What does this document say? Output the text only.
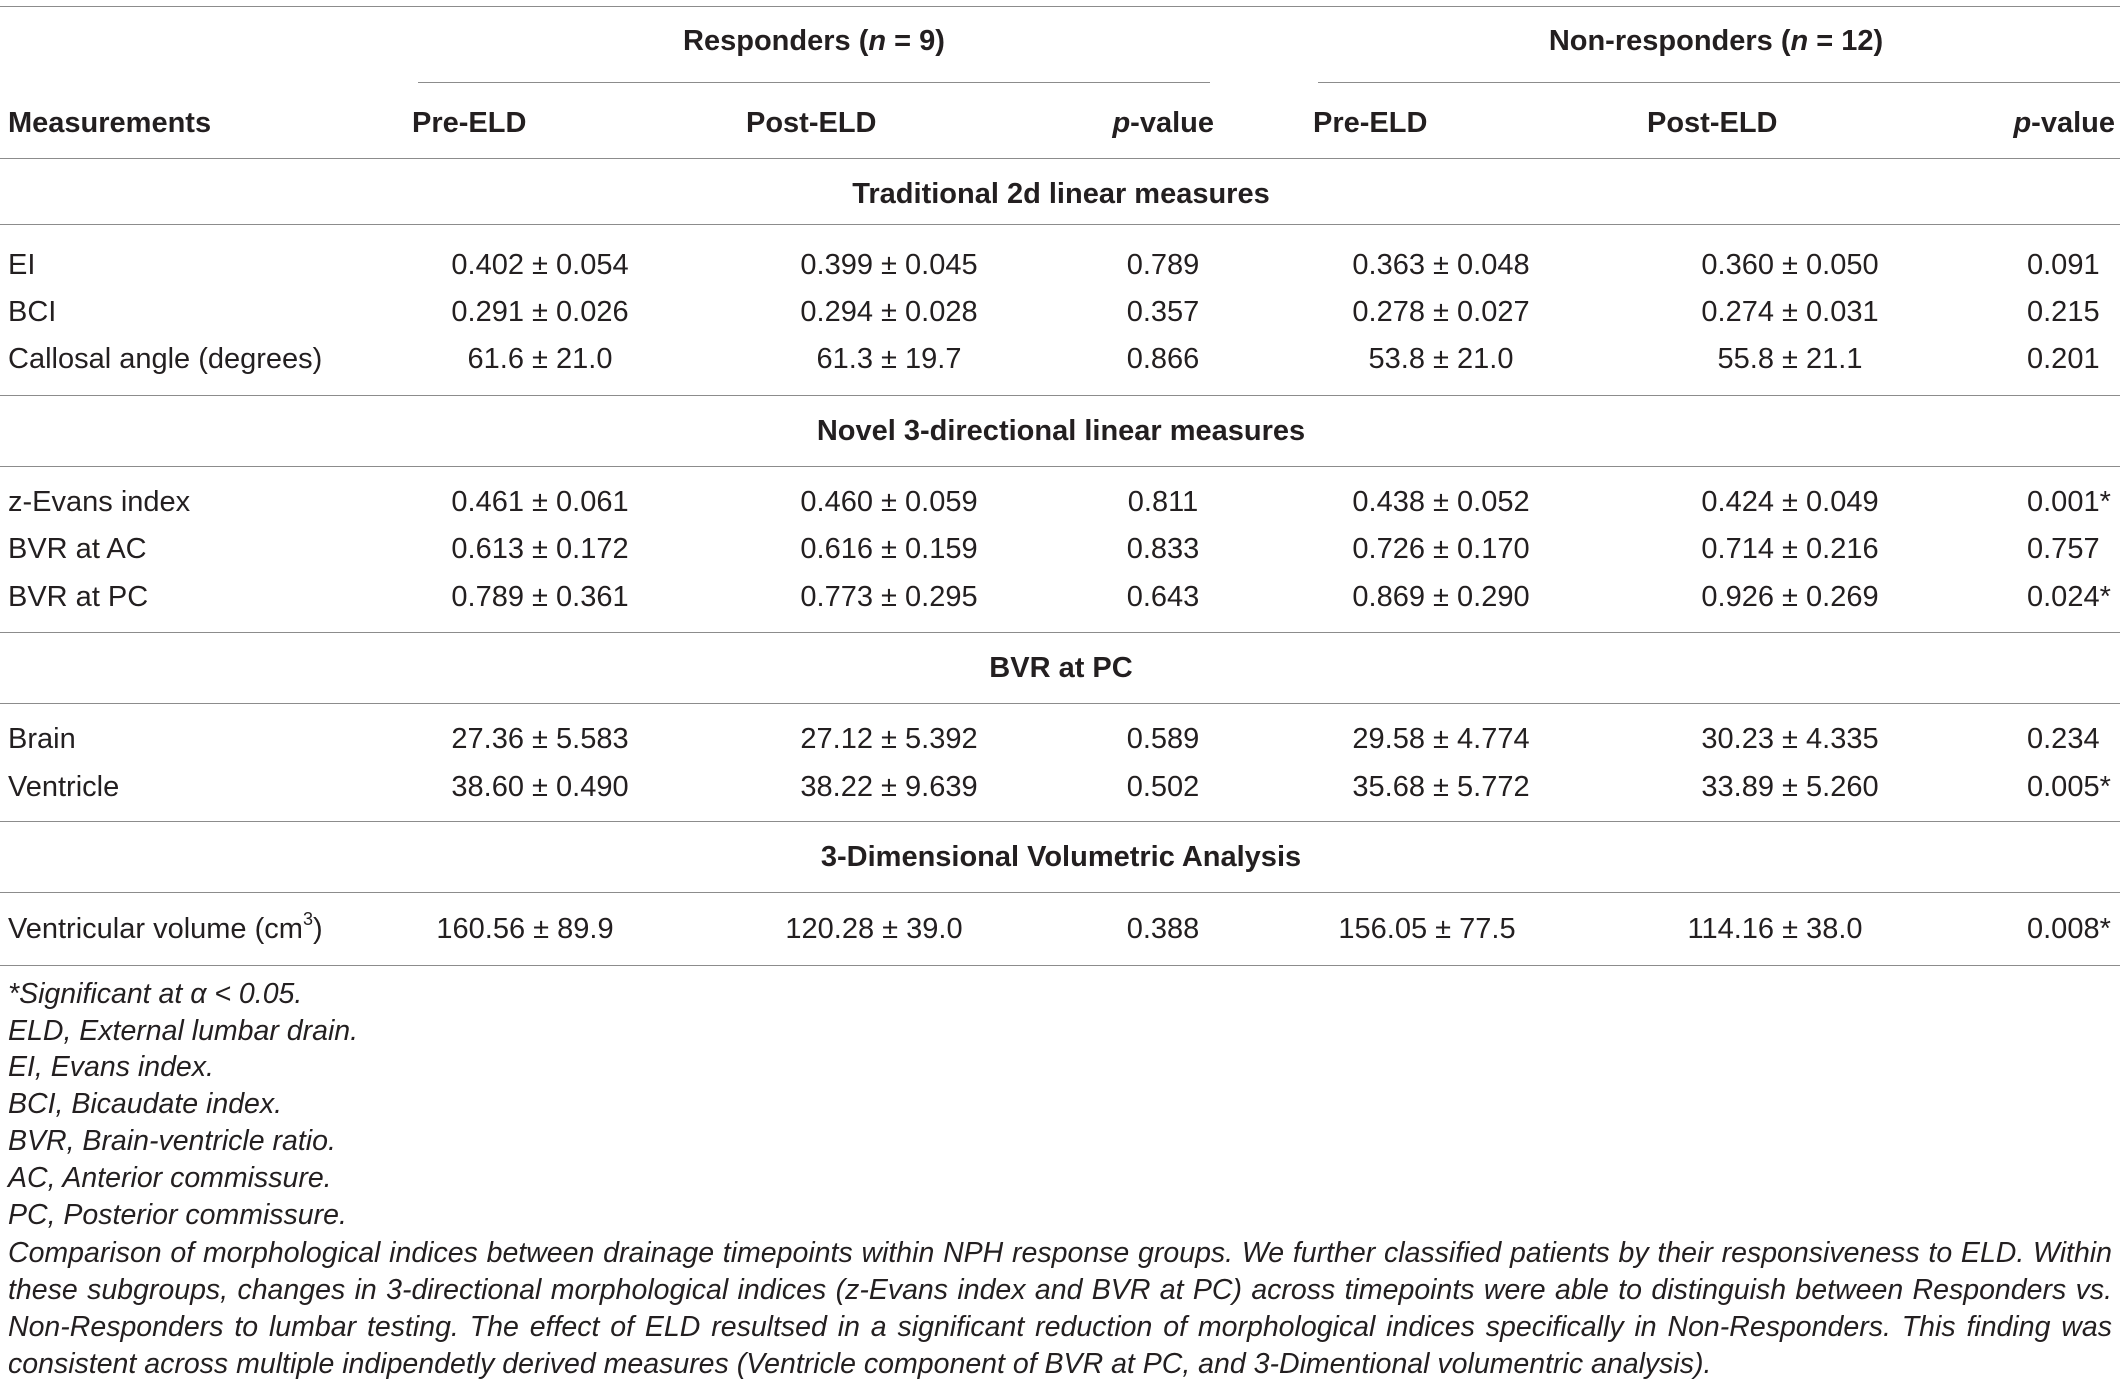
Responders (n = 9)	Non-responders (n = 12)
Measurements	Pre-ELD	Post-ELD	p-value	Pre-ELD	Post-ELD	p-value
Traditional 2d linear measures
EI	0.402 ± 0.054	0.399 ± 0.045	0.789	0.363 ± 0.048	0.360 ± 0.050	0.091
BCI	0.291 ± 0.026	0.294 ± 0.028	0.357	0.278 ± 0.027	0.274 ± 0.031	0.215
Callosal angle (degrees)	61.6 ± 21.0	61.3 ± 19.7	0.866	53.8 ± 21.0	55.8 ± 21.1	0.201
Novel 3-directional linear measures
z-Evans index	0.461 ± 0.061	0.460 ± 0.059	0.811	0.438 ± 0.052	0.424 ± 0.049	0.001*
BVR at AC	0.613 ± 0.172	0.616 ± 0.159	0.833	0.726 ± 0.170	0.714 ± 0.216	0.757
BVR at PC	0.789 ± 0.361	0.773 ± 0.295	0.643	0.869 ± 0.290	0.926 ± 0.269	0.024*
BVR at PC
Brain	27.36 ± 5.583	27.12 ± 5.392	0.589	29.58 ± 4.774	30.23 ± 4.335	0.234
Ventricle	38.60 ± 0.490	38.22 ± 9.639	0.502	35.68 ± 5.772	33.89 ± 5.260	0.005*
3-Dimensional Volumetric Analysis
Ventricular volume $(cm^3)$	160.56 ± 89.9	120.28 ± 39.0	0.388	156.05 ± 77.5	114.16 ± 38.0	0.008*
*Significant at α < 0.05.
ELD, External lumbar drain.
EI, Evans index.
BCI, Bicaudate index.
BVR, Brain-ventricle ratio.
AC, Anterior commissure.
PC, Posterior commissure.
Comparison of morphological indices between drainage timepoints within NPH response groups. We further classified patients by their responsiveness to ELD. Within these subgroups, changes in 3-directional morphological indices (z-Evans index and BVR at PC) across timepoints were able to distinguish between Responders vs. Non-Responders to lumbar testing. The effect of ELD resultsed in a significant reduction of morphological indices specifically in Non-Responders. This finding was consistent across multiple indipendetly derived measures (Ventricle component of BVR at PC, and 3-Dimentional volumentric analysis).
